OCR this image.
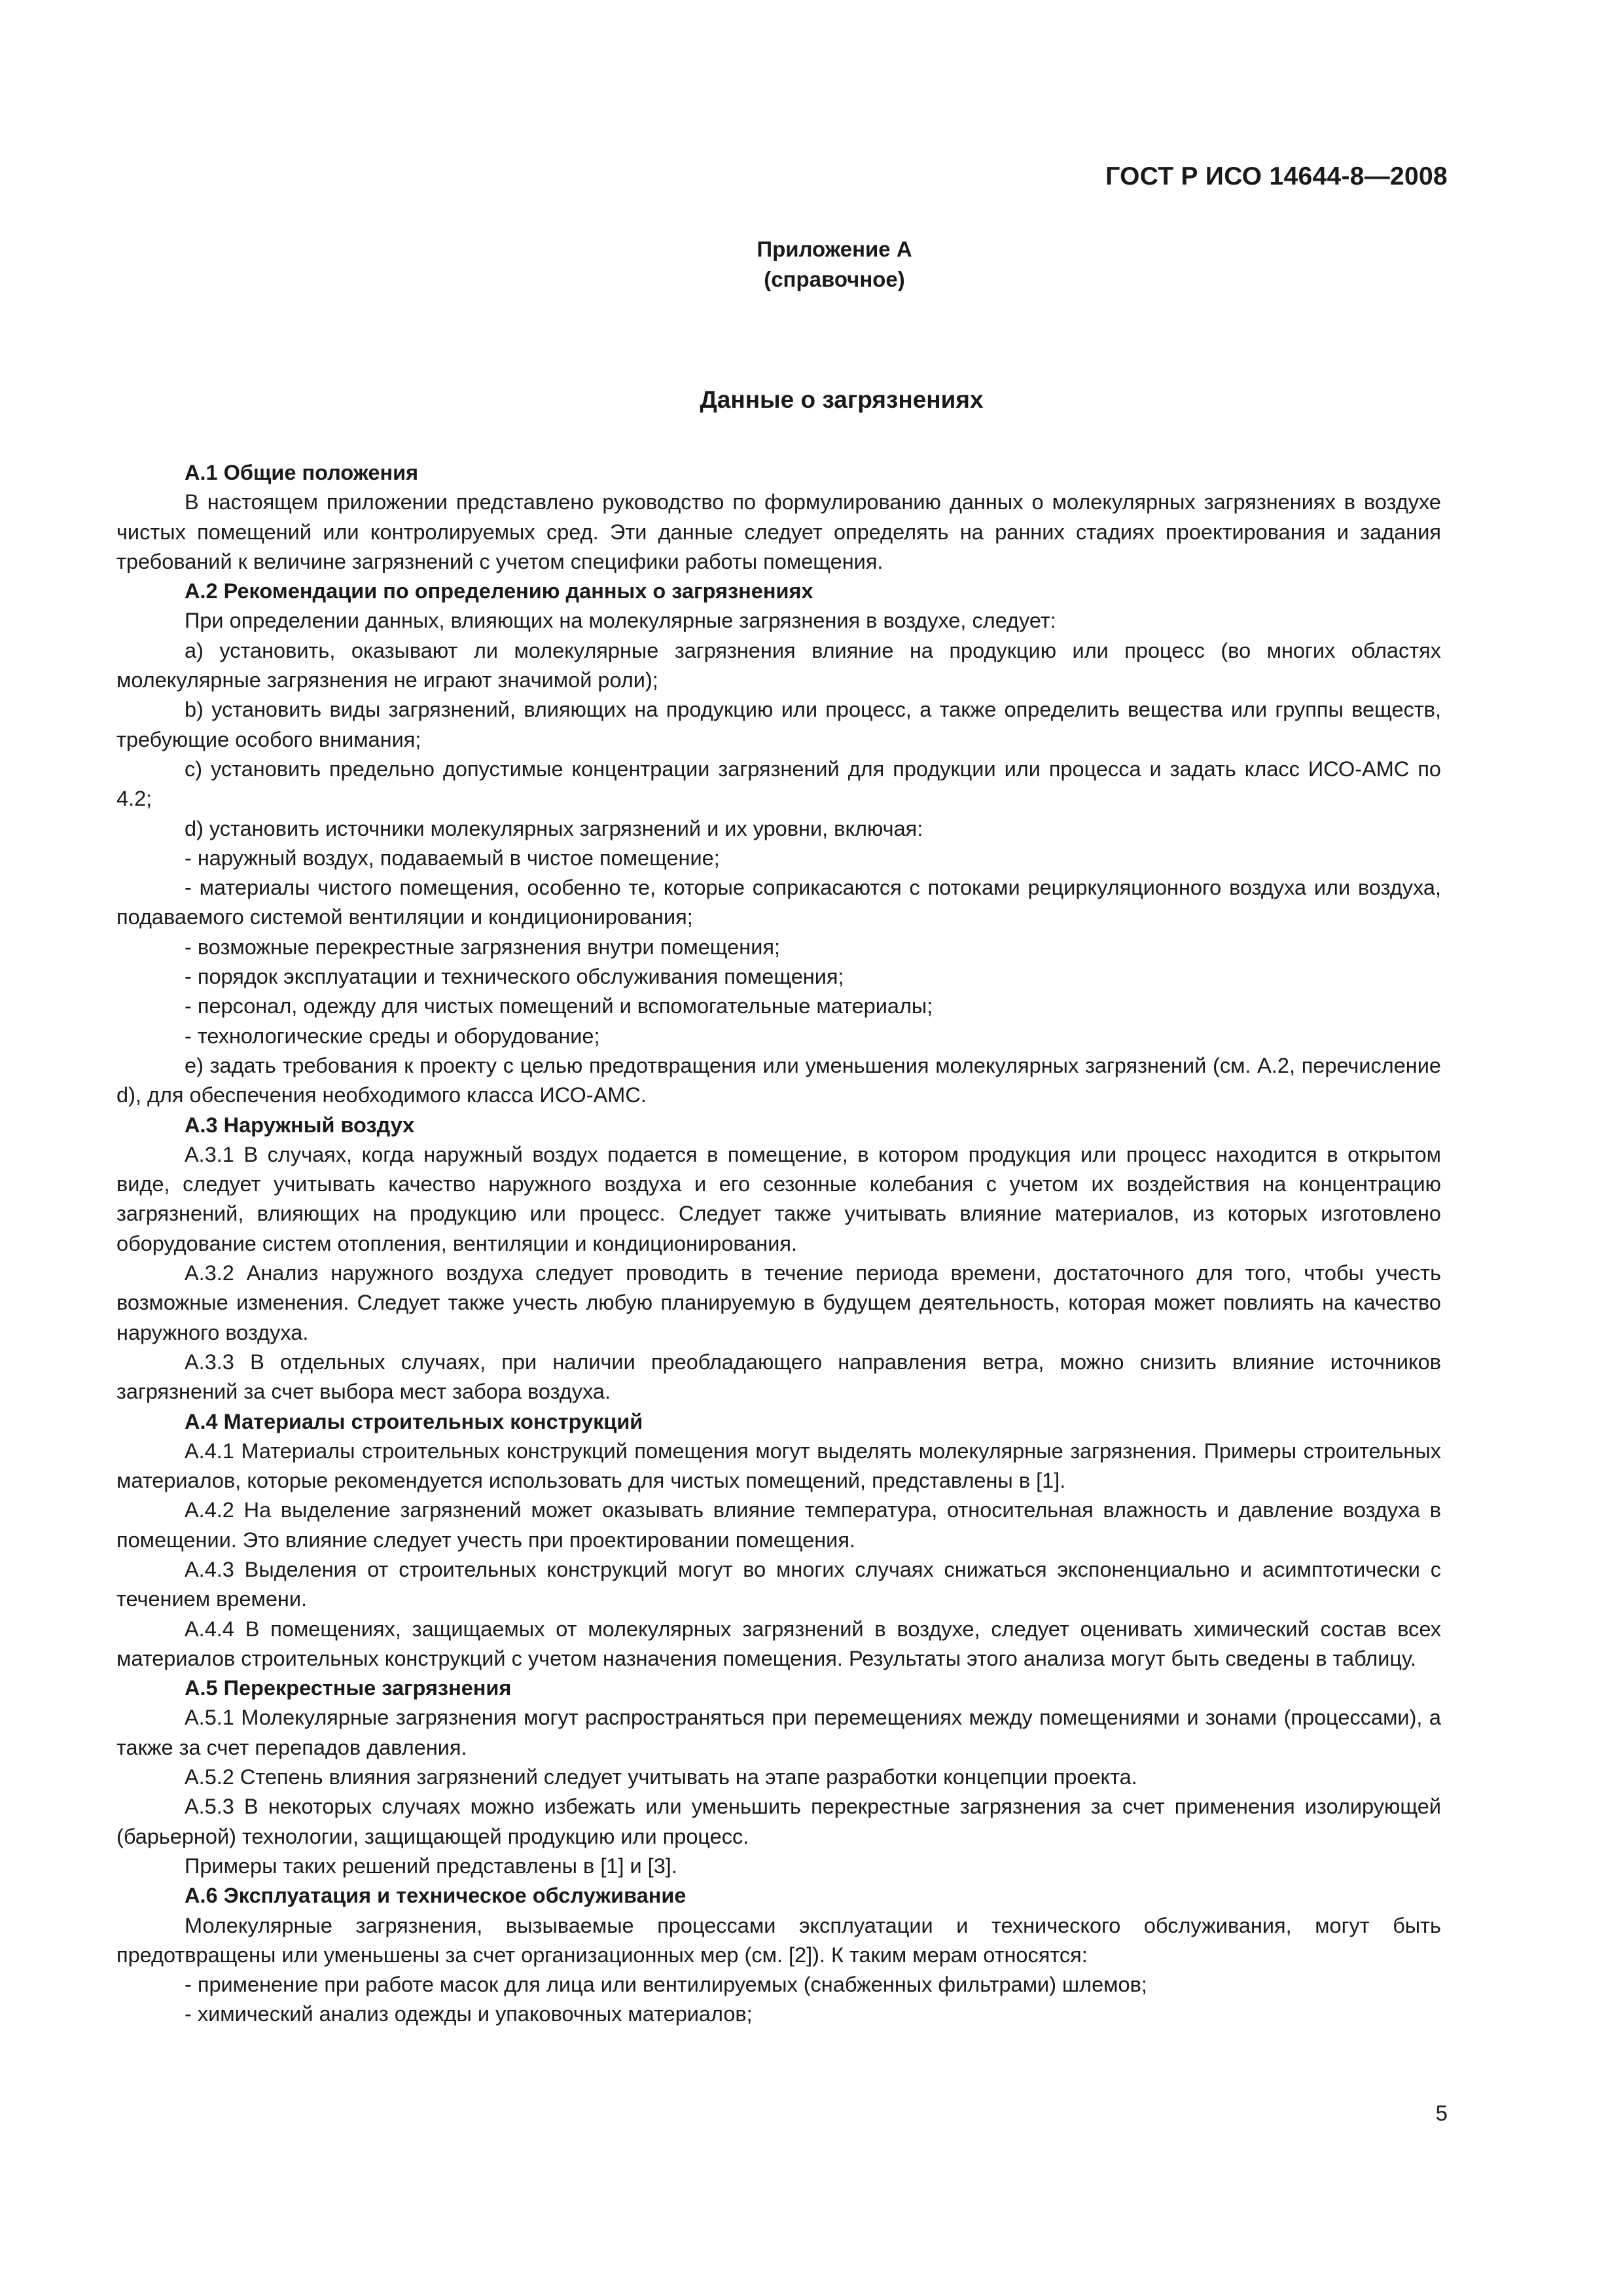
ГОСТ Р ИСО 14644-8—2008
Приложение А
(справочное)
Данные о загрязнениях

А.1 Общие положения

В настоящем приложении представлено руководство по формулированию данных о молекулярных загрязнениях в воздухе чистых помещений или контролируемых сред. Эти данные следует определять на ранних стадиях проектирования и задания требований к величине загрязнений с учетом специфики работы помещения.

А.2 Рекомендации по определению данных о загрязнениях

При определении данных, влияющих на молекулярные загрязнения в воздухе, следует:

a) установить, оказывают ли молекулярные загрязнения влияние на продукцию или процесс (во многих областях молекулярные загрязнения не играют значимой роли);

b) установить виды загрязнений, влияющих на продукцию или процесс, а также определить вещества или группы веществ, требующие особого внимания;

c) установить предельно допустимые концентрации загрязнений для продукции или процесса и задать класс ИСО-АМС по 4.2;

d) установить источники молекулярных загрязнений и их уровни, включая:

- наружный воздух, подаваемый в чистое помещение;

- материалы чистого помещения, особенно те, которые соприкасаются с потоками рециркуляционного воздуха или воздуха, подаваемого системой вентиляции и кондиционирования;

- возможные перекрестные загрязнения внутри помещения;

- порядок эксплуатации и технического обслуживания помещения;

- персонал, одежду для чистых помещений и вспомогательные материалы;

- технологические среды и оборудование;

e) задать требования к проекту с целью предотвращения или уменьшения молекулярных загрязнений (см. А.2, перечисление d), для обеспечения необходимого класса ИСО-АМС.

А.3 Наружный воздух

А.3.1 В случаях, когда наружный воздух подается в помещение, в котором продукция или процесс находится в открытом виде, следует учитывать качество наружного воздуха и его сезонные колебания с учетом их воздействия на концентрацию загрязнений, влияющих на продукцию или процесс. Следует также учитывать влияние материалов, из которых изготовлено оборудование систем отопления, вентиляции и кондиционирования.

А.3.2 Анализ наружного воздуха следует проводить в течение периода времени, достаточного для того, чтобы учесть возможные изменения. Следует также учесть любую планируемую в будущем деятельность, которая может повлиять на качество наружного воздуха.

А.3.3 В отдельных случаях, при наличии преобладающего направления ветра, можно снизить влияние источников загрязнений за счет выбора мест забора воздуха.

А.4 Материалы строительных конструкций

А.4.1 Материалы строительных конструкций помещения могут выделять молекулярные загрязнения. Примеры строительных материалов, которые рекомендуется использовать для чистых помещений, представлены в [1].

А.4.2 На выделение загрязнений может оказывать влияние температура, относительная влажность и давление воздуха в помещении. Это влияние следует учесть при проектировании помещения.

А.4.3 Выделения от строительных конструкций могут во многих случаях снижаться экспоненциально и асимптотически с течением времени.

А.4.4 В помещениях, защищаемых от молекулярных загрязнений в воздухе, следует оценивать химический состав всех материалов строительных конструкций с учетом назначения помещения. Результаты этого анализа могут быть сведены в таблицу.

А.5 Перекрестные загрязнения

А.5.1 Молекулярные загрязнения могут распространяться при перемещениях между помещениями и зонами (процессами), а также за счет перепадов давления.

А.5.2 Степень влияния загрязнений следует учитывать на этапе разработки концепции проекта.

А.5.3 В некоторых случаях можно избежать или уменьшить перекрестные загрязнения за счет применения изолирующей (барьерной) технологии, защищающей продукцию или процесс.

Примеры таких решений представлены в [1] и [3].

А.6 Эксплуатация и техническое обслуживание

Молекулярные загрязнения, вызываемые процессами эксплуатации и технического обслуживания, могут быть предотвращены или уменьшены за счет организационных мер (см. [2]). К таким мерам относятся:

- применение при работе масок для лица или вентилируемых (снабженных фильтрами) шлемов;

- химический анализ одежды и упаковочных материалов;

5
